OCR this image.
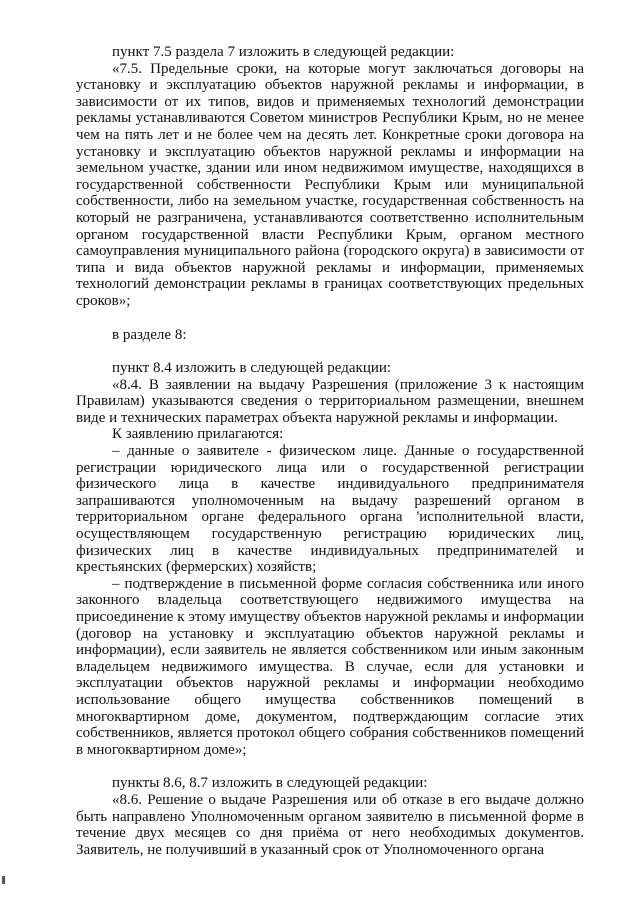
пункт 7.5 раздела 7 изложить в следующей редакции:

«7.5. Предельные сроки, на которые могут заключаться договоры на установку и эксплуатацию объектов наружной рекламы и информации, в зависимости от их типов, видов и применяемых технологий демонстрации рекламы устанавливаются Советом министров Республики Крым, но не менее чем на пять лет и не более чем на десять лет. Конкретные сроки договора на установку и эксплуатацию объектов наружной рекламы и информации на земельном участке, здании или ином недвижимом имуществе, находящихся в государственной собственности Республики Крым или муниципальной собственности, либо на земельном участке, государственная собственность на который не разграничена, устанавливаются соответственно исполнительным органом государственной власти Республики Крым, органом местного самоуправления муниципального района (городского округа) в зависимости от типа и вида объектов наружной рекламы и информации, применяемых технологий демонстрации рекламы в границах соответствующих предельных сроков»;

в разделе 8:

пункт 8.4 изложить в следующей редакции:

«8.4. В заявлении на выдачу Разрешения (приложение 3 к настоящим Правилам) указываются сведения о территориальном размещении, внешнем виде и технических параметрах объекта наружной рекламы и информации.

К заявлению прилагаются:

– данные о заявителе - физическом лице. Данные о государственной регистрации юридического лица или о государственной регистрации физического лица в качестве индивидуального предпринимателя запрашиваются уполномоченным на выдачу разрешений органом в территориальном органе федерального органа 'исполнительной власти, осуществляющем государственную регистрацию юридических лиц, физических лиц в качестве индивидуальных предпринимателей и крестьянских (фермерских) хозяйств;

– подтверждение в письменной форме согласия собственника или иного законного владельца соответствующего недвижимого имущества на присоединение к этому имуществу объектов наружной рекламы и информации (договор на установку и эксплуатацию объектов наружной рекламы и информации), если заявитель не является собственником или иным законным владельцем недвижимого имущества. В случае, если для установки и эксплуатации объектов наружной рекламы и информации необходимо использование общего имущества собственников помещений в многоквартирном доме, документом, подтверждающим согласие этих собственников, является протокол общего собрания собственников помещений в многоквартирном доме»;

пункты 8.6, 8.7 изложить в следующей редакции:

«8.6. Решение о выдаче Разрешения или об отказе в его выдаче должно быть направлено Уполномоченным органом заявителю в письменной форме в течение двух месяцев со дня приёма от него необходимых документов. Заявитель, не получивший в указанный срок от Уполномоченного органа
